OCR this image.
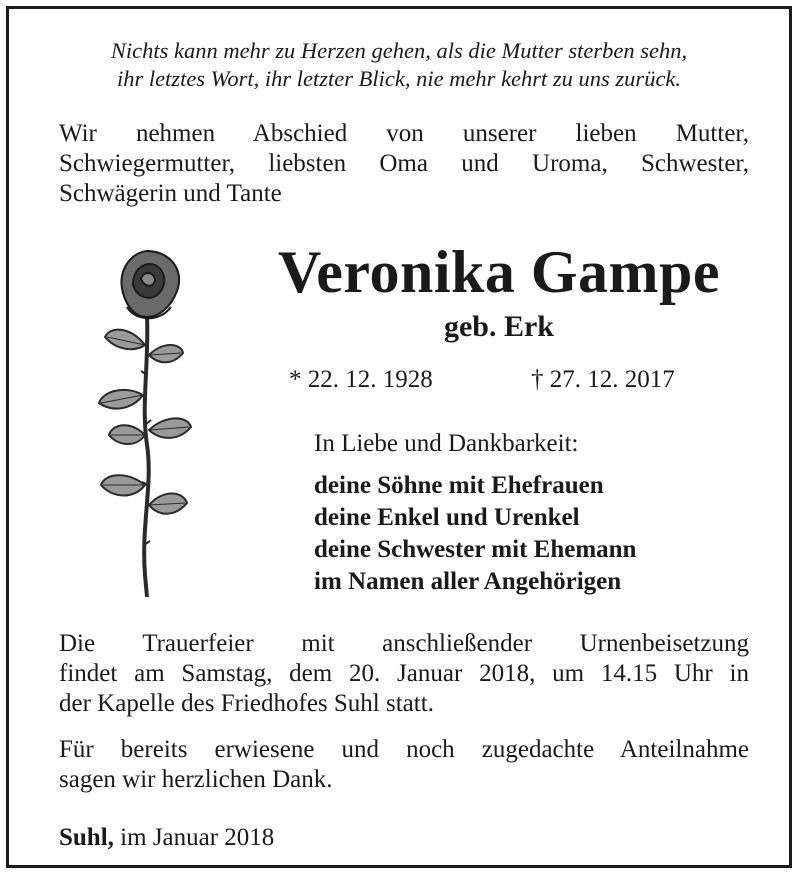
Nichts kann mehr zu Herzen gehen, als die Mutter sterben sehn,
ihr letztes Wort, ihr letzter Blick, nie mehr kehrt zu uns zurück.
Wir nehmen Abschied von unserer lieben Mutter,
Schwiegermutter, liebsten Oma und Uroma, Schwester,
Schwägerin und Tante
Veronika Gampe
geb. Erk
* 22. 12. 1928	† 27. 12. 2017
In Liebe und Dankbarkeit:
deine Söhne mit Ehefrauen
deine Enkel und Urenkel
deine Schwester mit Ehemann
im Namen aller Angehörigen
Die Trauerfeier mit anschließender Urnenbeisetzung
findet am Samstag, dem 20. Januar 2018, um 14.15 Uhr in
der Kapelle des Friedhofes Suhl statt.
Für bereits erwiesene und noch zugedachte Anteilnahme
sagen wir herzlichen Dank.
Suhl, im Januar 2018
